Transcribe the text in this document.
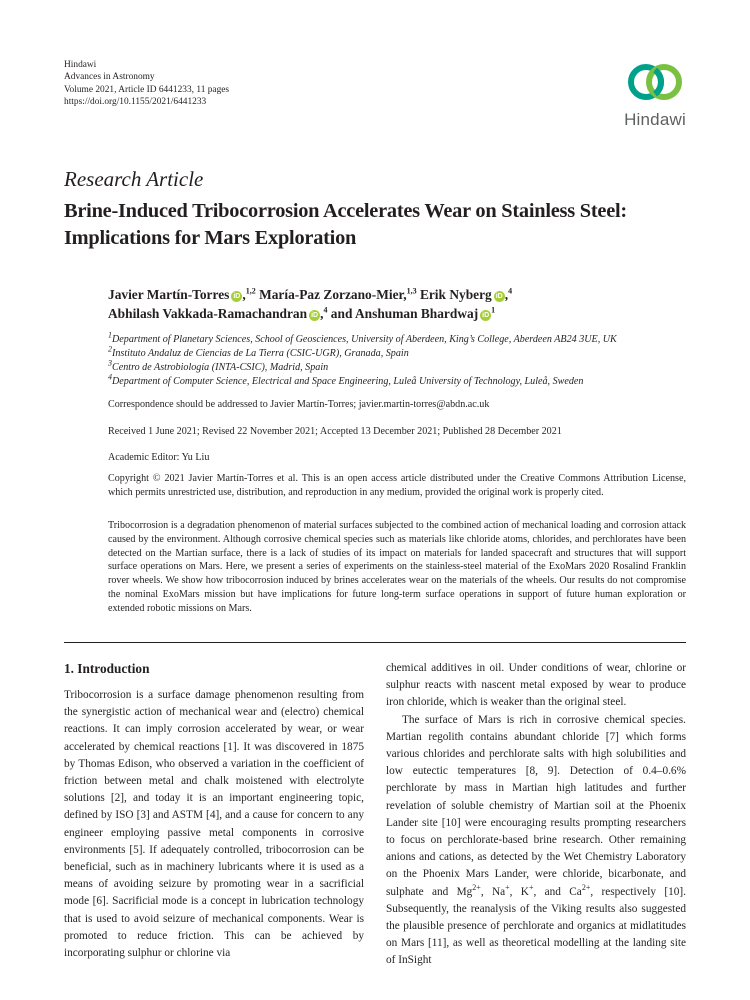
Hindawi
Advances in Astronomy
Volume 2021, Article ID 6441233, 11 pages
https://doi.org/10.1155/2021/6441233
Hindawi
Research Article
Brine-Induced Tribocorrosion Accelerates Wear on Stainless Steel:
Implications for Mars Exploration
Javier Martín-Torres iD ,$^{1,2}$ María-Paz Zorzano-Mier,$^{1,3}$ Erik Nyberg iD ,$^4$
Abhilash Vakkada-Ramachandran iD ,$^4$ and Anshuman Bhardwaj $iD^1$
$^1$Department of Planetary Sciences, School of Geosciences, University of Aberdeen, King’s College, Aberdeen AB24 3UE, UK
$^2$Instituto Andaluz de Ciencias de La Tierra (CSIC-UGR), Granada, Spain
$^3$Centro de Astrobiología (INTA-CSIC), Madrid, Spain
$^4$Department of Computer Science, Electrical and Space Engineering, Luleå University of Technology, Luleå, Sweden
Correspondence should be addressed to Javier Martín-Torres; javier.martin-torres@abdn.ac.uk
Received 1 June 2021; Revised 22 November 2021; Accepted 13 December 2021; Published 28 December 2021
Academic Editor: Yu Liu
Copyright © 2021 Javier Martín-Torres et al. This is an open access article distributed under the Creative Commons Attribution License, which permits unrestricted use, distribution, and reproduction in any medium, provided the original work is properly cited.
Tribocorrosion is a degradation phenomenon of material surfaces subjected to the combined action of mechanical loading and corrosion attack caused by the environment. Although corrosive chemical species such as materials like chloride atoms, chlorides, and perchlorates have been detected on the Martian surface, there is a lack of studies of its impact on materials for landed spacecraft and structures that will support surface operations on Mars. Here, we present a series of experiments on the stainless-steel material of the ExoMars 2020 Rosalind Franklin rover wheels. We show how tribocorrosion induced by brines accelerates wear on the materials of the wheels. Our results do not compromise the nominal ExoMars mission but have implications for future long-term surface operations in support of future human exploration or extended robotic missions on Mars.
1. Introduction

Tribocorrosion is a surface damage phenomenon resulting from the synergistic action of mechanical wear and (electro) chemical reactions. It can imply corrosion accelerated by wear, or wear accelerated by chemical reactions [1]. It was discovered in 1875 by Thomas Edison, who observed a variation in the coefficient of friction between metal and chalk moistened with electrolyte solutions [2], and today it is an important engineering topic, defined by ISO [3] and ASTM [4], and a cause for concern to any engineer employing passive metal components in corrosive environments [5]. If adequately controlled, tribocorrosion can be beneficial, such as in machinery lubricants where it is used as a means of avoiding seizure by promoting wear in a sacrificial mode [6]. Sacrificial mode is a concept in lubrication technology that is used to avoid seizure of mechanical components. Wear is promoted to reduce friction. This can be achieved by incorporating sulphur or chlorine via

chemical additives in oil. Under conditions of wear, chlorine or sulphur reacts with nascent metal exposed by wear to produce iron chloride, which is weaker than the original steel.

The surface of Mars is rich in corrosive chemical species. Martian regolith contains abundant chloride [7] which forms various chlorides and perchlorate salts with high solubilities and low eutectic temperatures [8, 9]. Detection of 0.4–0.6% perchlorate by mass in Martian high latitudes and further revelation of soluble chemistry of Martian soil at the Phoenix Lander site [10] were encouraging results prompting researchers to focus on perchlorate-based brine research. Other remaining anions and cations, as detected by the Wet Chemistry Laboratory on the Phoenix Mars Lander, were chloride, bicarbonate, and sulphate and $Mg^{2+}$, Na+, K+, and $Ca^{2+}$, respectively [10]. Subsequently, the reanalysis of the Viking results also suggested the plausible presence of perchlorate and organics at midlatitudes on Mars [11], as well as theoretical modelling at the landing site of InSight
